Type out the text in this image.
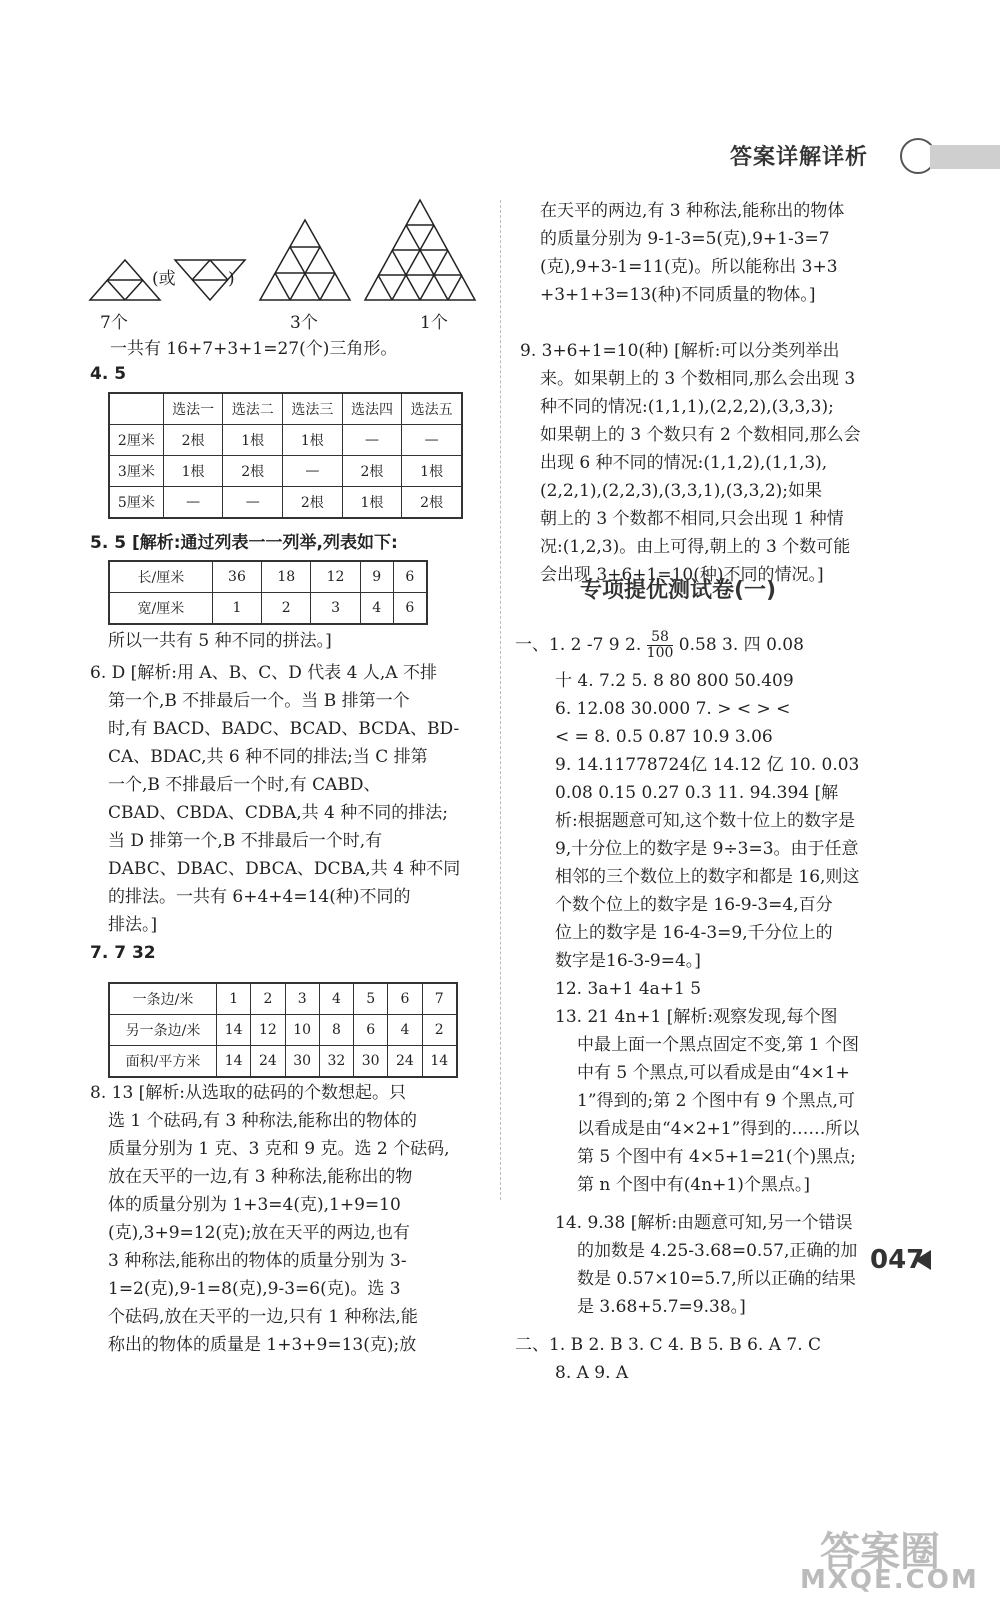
答案详解详析
(或	)
7个	3个	1个
一共有 16+7+3+1=27(个)三角形。
4. 5
	选法一	选法二	选法三	选法四	选法五
2厘米	2根	1根	1根	—	—
3厘米	1根	2根	—	2根	1根
5厘米	—	—	2根	1根	2根
5. 5 [解析:通过列表一一列举,列表如下:
长/厘米	36	18	12	9	6
宽/厘米	1	2	3	4	6
所以一共有 5 种不同的拼法。]
6. D [解析:用 A、B、C、D 代表 4 人,A 不排
第一个,B 不排最后一个。当 B 排第一个
时,有 BACD、BADC、BCAD、BCDA、BD-
CA、BDAC,共 6 种不同的排法;当 C 排第
一个,B 不排最后一个时,有 CABD、
CBAD、CBDA、CDBA,共 4 种不同的排法;
当 D 排第一个,B 不排最后一个时,有
DABC、DBAC、DBCA、DCBA,共 4 种不同
的排法。一共有 6+4+4=14(种)不同的
排法。]
7. 7 32
一条边/米	1	2	3	4	5	6	7
另一条边/米	14	12	10	8	6	4	2
面积/平方米	14	24	30	32	30	24	14
8. 13 [解析:从选取的砝码的个数想起。只
选 1 个砝码,有 3 种称法,能称出的物体的
质量分别为 1 克、3 克和 9 克。选 2 个砝码,
放在天平的一边,有 3 种称法,能称出的物
体的质量分别为 1+3=4(克),1+9=10
(克),3+9=12(克);放在天平的两边,也有
3 种称法,能称出的物体的质量分别为 3-
1=2(克),9-1=8(克),9-3=6(克)。选 3
个砝码,放在天平的一边,只有 1 种称法,能
称出的物体的质量是 1+3+9=13(克);放
在天平的两边,有 3 种称法,能称出的物体
的质量分别为 9-1-3=5(克),9+1-3=7
(克),9+3-1=11(克)。所以能称出 3+3
+3+1+3=13(种)不同质量的物体。]
9. 3+6+1=10(种) [解析:可以分类列举出
来。如果朝上的 3 个数相同,那么会出现 3
种不同的情况:(1,1,1),(2,2,2),(3,3,3);
如果朝上的 3 个数只有 2 个数相同,那么会
出现 6 种不同的情况:(1,1,2),(1,1,3),
(2,2,1),(2,2,3),(3,3,1),(3,3,2);如果
朝上的 3 个数都不相同,只会出现 1 种情
况:(1,2,3)。由上可得,朝上的 3 个数可能
会出现 3+6+1=10(种)不同的情况。]
专项提优测试卷(一)
一、1. 2 -7 9 2. $\frac{58}{100} 0.58$ 3. 四 0.08
十 4. 7.2 5. 8 80 800 50.409
6. 12.08 30.000 7. > < > <
< = 8. 0.5 0.87 10.9 3.06
9. 14.11778724亿 14.12 亿 10. 0.03
0.08 0.15 0.27 0.3 11. 94.394 [解
析:根据题意可知,这个数十位上的数字是
9,十分位上的数字是 9÷3=3。由于任意
相邻的三个数位上的数字和都是 16,则这
个数个位上的数字是 16-9-3=4,百分
位上的数字是 16-4-3=9,千分位上的
数字是16-3-9=4。]
12. 3a+1 4a+1 5
13. 21 4n+1 [解析:观察发现,每个图
中最上面一个黑点固定不变,第 1 个图
中有 5 个黑点,可以看成是由“4×1+
1”得到的;第 2 个图中有 9 个黑点,可
以看成是由“4×2+1”得到的……所以
第 5 个图中有 4×5+1=21(个)黑点;
第 n 个图中有(4n+1)个黑点。]
14. 9.38 [解析:由题意可知,另一个错误
的加数是 4.25-3.68=0.57,正确的加
数是 0.57×10=5.7,所以正确的结果
是 3.68+5.7=9.38。]
二、1. B 2. B 3. C 4. B 5. B 6. A 7. C
8. A 9. A
047
答案圈
MXQE.COM
